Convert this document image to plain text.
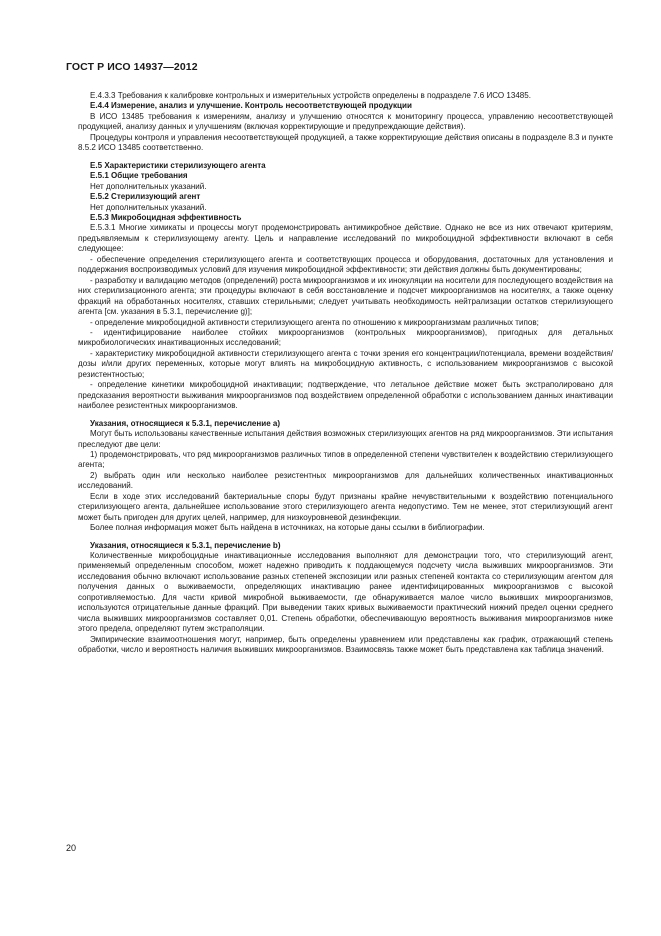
ГОСТ Р ИСО 14937—2012

Е.4.3.3 Требования к калибровке контрольных и измерительных устройств определены в подразделе 7.6 ИСО 13485.

Е.4.4 Измерение, анализ и улучшение. Контроль несоответствующей продукции

В ИСО 13485 требования к измерениям, анализу и улучшению относятся к мониторингу процесса, управлению несоответствующей продукцией, анализу данных и улучшениям (включая корректирующие и предупреждающие действия).

Процедуры контроля и управления несоответствующей продукцией, а также корректирующие действия описаны в подразделе 8.3 и пункте 8.5.2 ИСО 13485 соответственно.

Е.5 Характеристики стерилизующего агента

Е.5.1 Общие требования

Нет дополнительных указаний.

Е.5.2 Стерилизующий агент

Нет дополнительных указаний.

Е.5.3 Микробоцидная эффективность

Е.5.3.1 Многие химикаты и процессы могут продемонстрировать антимикробное действие. Однако не все из них отвечают критериям, предъявляемым к стерилизующему агенту. Цель и направление исследований по микробоцидной эффективности включают в себя следующее:

- обеспечение определения стерилизующего агента и соответствующих процесса и оборудования, достаточных для установления и поддержания воспроизводимых условий для изучения микробоцидной эффективности; эти действия должны быть документированы;

- разработку и валидацию методов (определений) роста микроорганизмов и их инокуляции на носители для последующего воздействия на них стерилизационного агента; эти процедуры включают в себя восстановление и подсчет микроорганизмов на носителях, а также оценку фракций на обработанных носителях, ставших стерильными; следует учитывать необходимость нейтрализации остатков стерилизующего агента [см. указания в 5.3.1, перечисление g)];

- определение микробоцидной активности стерилизующего агента по отношению к микроорганизмам различных типов;

- идентифицирование наиболее стойких микроорганизмов (контрольных микроорганизмов), пригодных для детальных микробиологических инактивационных исследований;

- характеристику микробоцидной активности стерилизующего агента с точки зрения его концентрации/потенциала, времени воздействия/дозы и/или других переменных, которые могут влиять на микробоцидную активность, с использованием микроорганизмов с высокой резистентностью;

- определение кинетики микробоцидной инактивации; подтверждение, что летальное действие может быть экстраполировано для предсказания вероятности выживания микроорганизмов под воздействием определенной обработки с использованием данных инактивации наиболее резистентных микроорганизмов.

Указания, относящиеся к 5.3.1, перечисление а)

Могут быть использованы качественные испытания действия возможных стерилизующих агентов на ряд микроорганизмов. Эти испытания преследуют две цели:

1) продемонстрировать, что ряд микроорганизмов различных типов в определенной степени чувствителен к воздействию стерилизующего агента;

2) выбрать один или несколько наиболее резистентных микроорганизмов для дальнейших количественных инактивационных исследований.

Если в ходе этих исследований бактериальные споры будут признаны крайне нечувствительными к воздействию потенциального стерилизующего агента, дальнейшее использование этого стерилизующего агента недопустимо. Тем не менее, этот стерилизующий агент может быть пригоден для других целей, например, для низкоуровневой дезинфекции.

Более полная информация может быть найдена в источниках, на которые даны ссылки в библиографии.

Указания, относящиеся к 5.3.1, перечисление b)

Количественные микробоцидные инактивационные исследования выполняют для демонстрации того, что стерилизующий агент, применяемый определенным способом, может надежно приводить к поддающемуся подсчету числа выживших микроорганизмов. Эти исследования обычно включают использование разных степеней экспозиции или разных степеней контакта со стерилизующим агентом для получения данных о выживаемости, определяющих инактивацию ранее идентифицированных микроорганизмов с высокой сопротивляемостью. Для части кривой микробной выживаемости, где обнаруживается малое число выживших микроорганизмов, используются отрицательные данные фракций. При выведении таких кривых выживаемости практический нижний предел оценки среднего числа выживших микроорганизмов составляет 0,01. Степень обработки, обеспечивающую вероятность выживания микроорганизмов ниже этого предела, определяют путем экстраполяции.

Эмпирические взаимоотношения могут, например, быть определены уравнением или представлены как график, отражающий степень обработки, число и вероятность наличия выживших микроорганизмов. Взаимосвязь также может быть представлена как таблица значений.

20
